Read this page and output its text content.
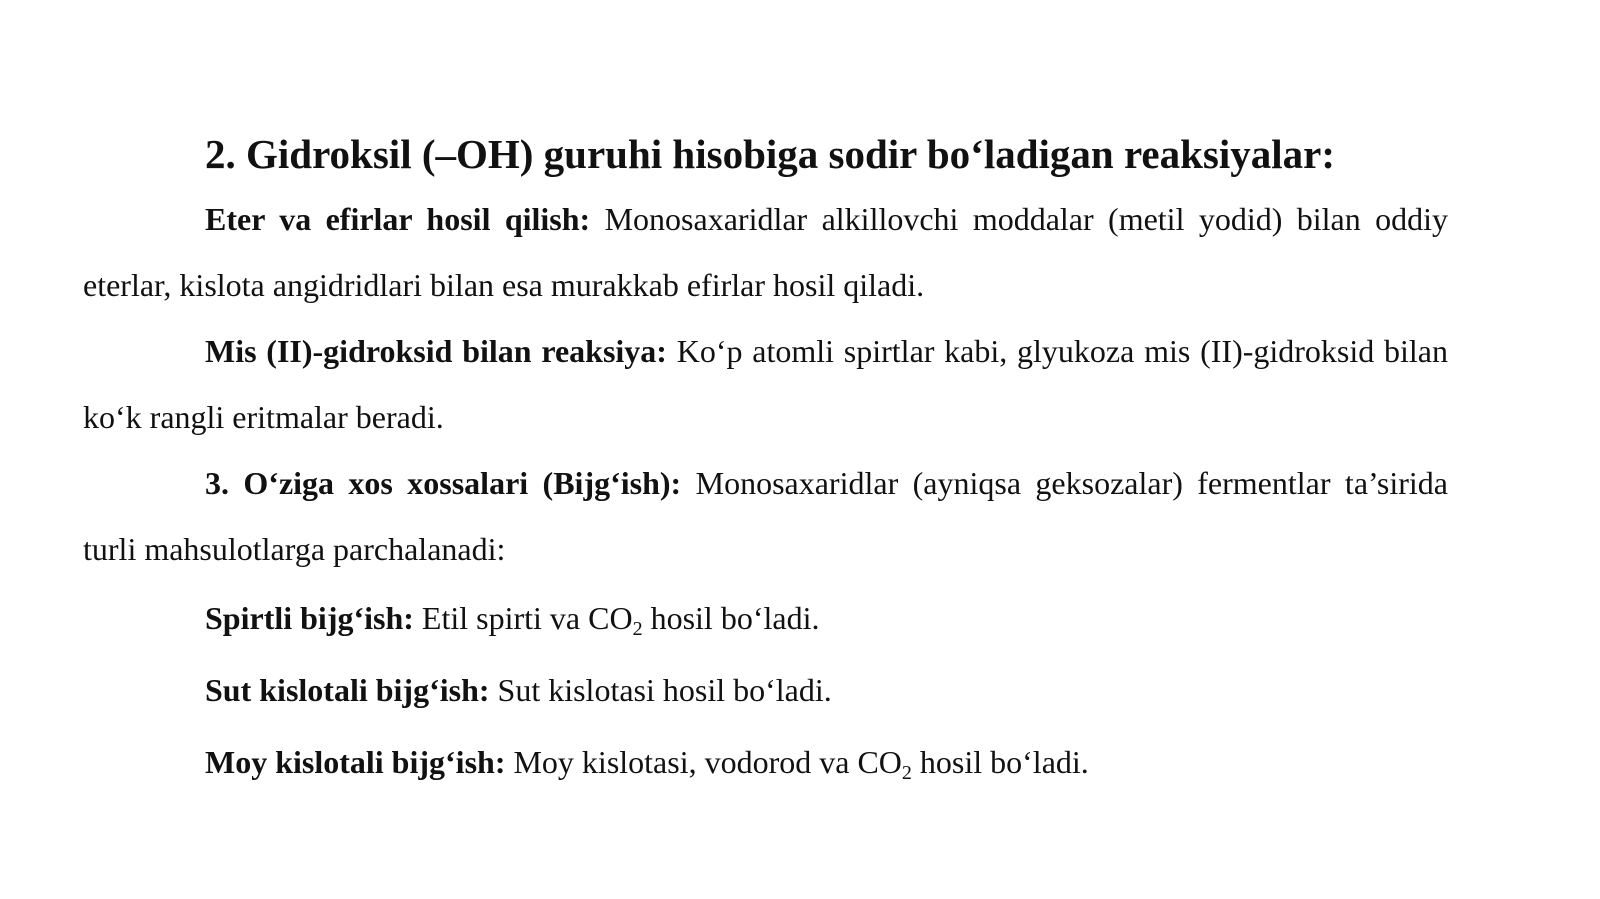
2. Gidroksil (–OH) guruhi hisobiga sodir bo‘ladigan reaksiyalar:

Eter va efirlar hosil qilish: Monosaxaridlar alkillovchi moddalar (metil yodid) bilan oddiy eterlar, kislota angidridlari bilan esa murakkab efirlar hosil qiladi.

Mis (II)-gidroksid bilan reaksiya: Ko‘p atomli spirtlar kabi, glyukoza mis (II)-gidroksid bilan ko‘k rangli eritmalar beradi.

3. O‘ziga xos xossalari (Bijg‘ish): Monosaxaridlar (ayniqsa geksozalar) fermentlar ta’sirida turli mahsulotlarga parchalanadi:

Spirtli bijg‘ish: Etil spirti va $CO_2$ hosil bo‘ladi.

Sut kislotali bijg‘ish: Sut kislotasi hosil bo‘ladi.

Moy kislotali bijg‘ish: Moy kislotasi, vodorod va $CO_2$ hosil bo‘ladi.
